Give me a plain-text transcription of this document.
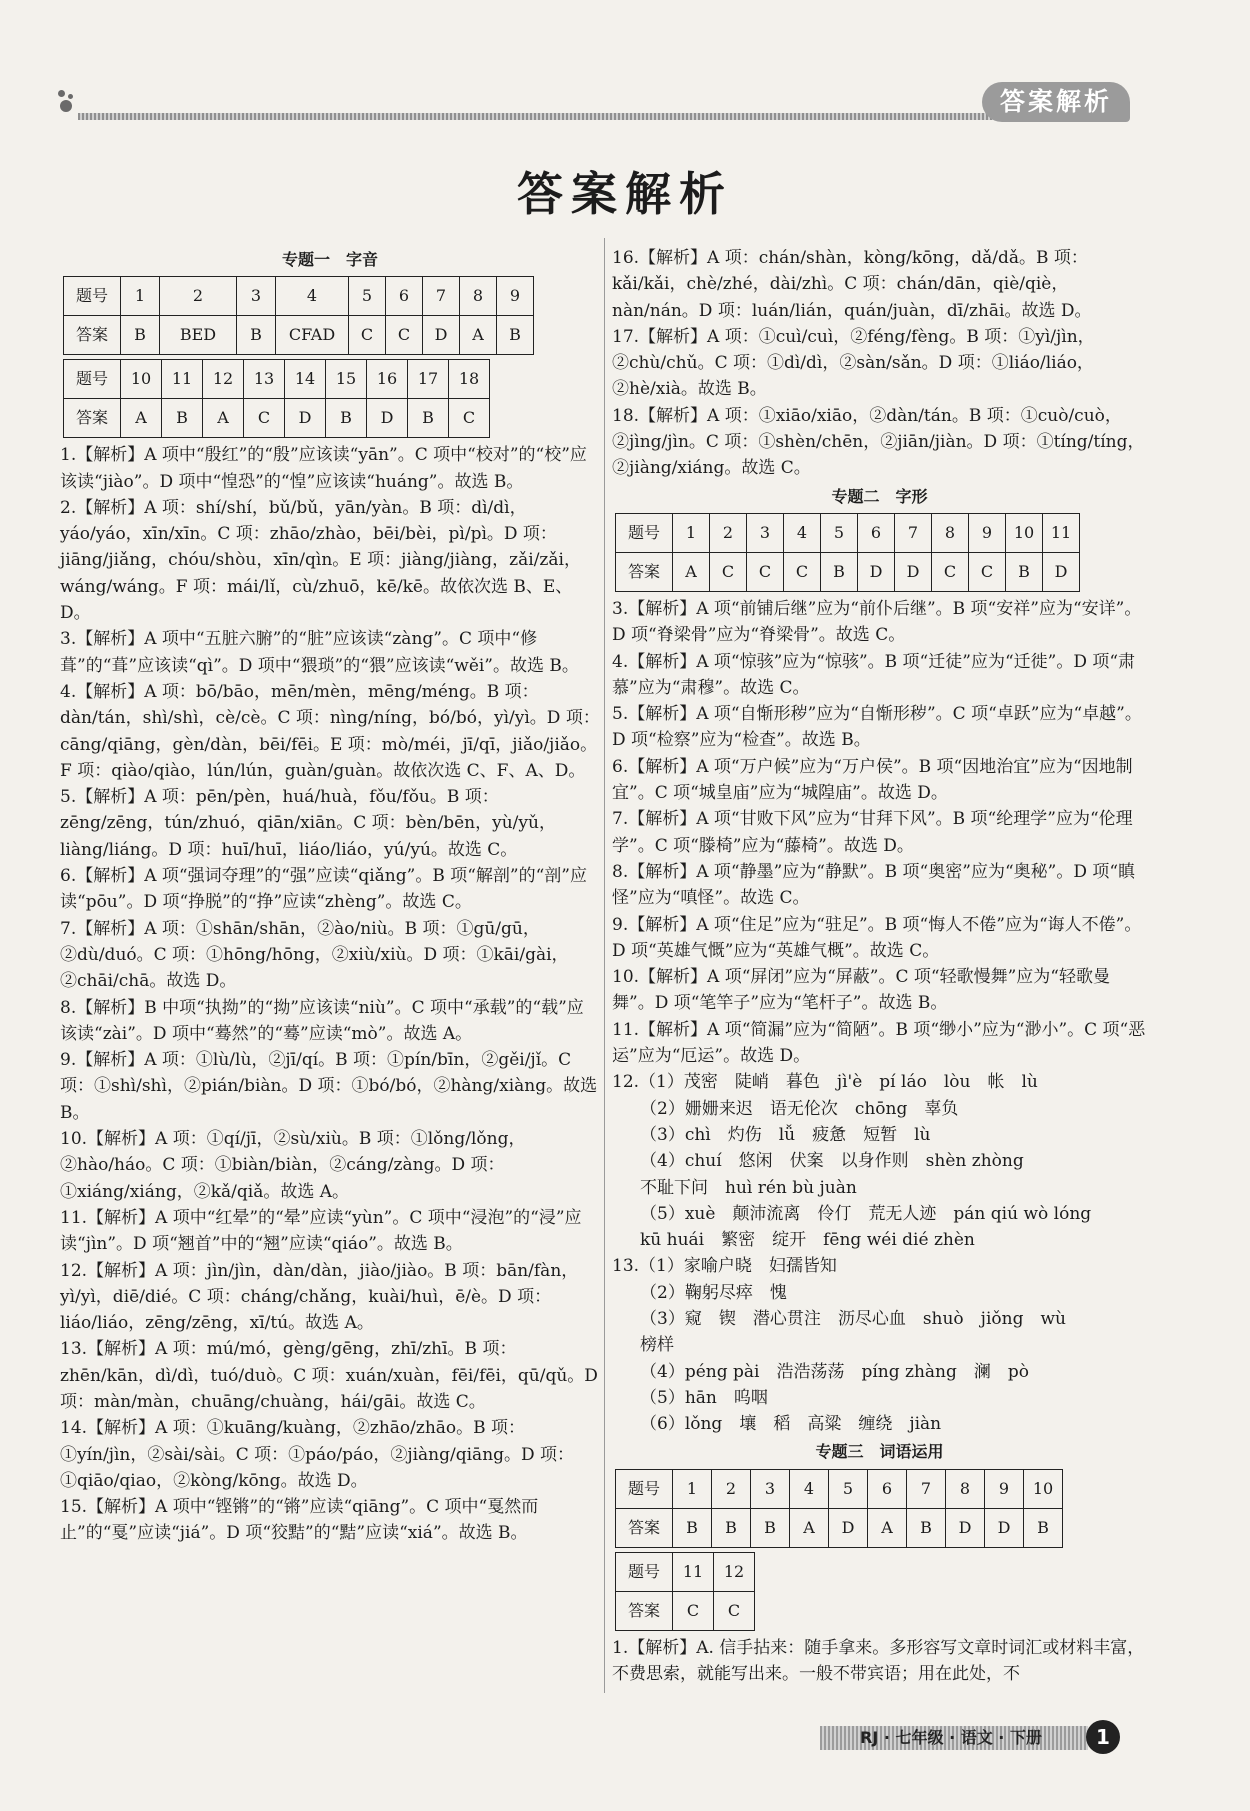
答案解析
答案解析
专题一　字音
题号	1	2	3	4	5	6	7	8	9
答案	B	BED	B	CFAD	C	C	D	A	B
题号	10	11	12	13	14	15	16	17	18
答案	A	B	A	C	D	B	D	B	C

1.【解析】A 项中“殷红”的“殷”应该读“yān”。C 项中“校对”的“校”应该读“jiào”。D 项中“惶恐”的“惶”应该读“huáng”。故选 B。

2.【解析】A 项：shí/shí，bǔ/bǔ，yān/yàn。B 项：dì/dì，yáo/yáo，xīn/xīn。C 项：zhāo/zhào，bēi/bèi，pì/pì。D 项：jiāng/jiǎng，chóu/shòu，xīn/qìn。E 项：jiàng/jiàng，zǎi/zǎi，wáng/wáng。F 项：mái/lǐ，cù/zhuō，kē/kē。故依次选 B、E、D。

3.【解析】A 项中“五脏六腑”的“脏”应该读“zàng”。C 项中“修葺”的“葺”应该读“qì”。D 项中“猥琐”的“猥”应该读“wěi”。故选 B。

4.【解析】A 项：bō/bāo，mēn/mèn，mēng/méng。B 项：dàn/tán，shì/shì，cè/cè。C 项：nìng/níng，bó/bó，yì/yì。D 项：cāng/qiāng，gèn/dàn，bēi/fēi。E 项：mò/méi，jī/qī，jiǎo/jiǎo。F 项：qiào/qiào，lún/lún，guàn/guàn。故依次选 C、F、A、D。

5.【解析】A 项：pēn/pèn，huá/huà，fǒu/fǒu。B 项：zēng/zēng，tún/zhuó，qiān/xiān。C 项：bèn/bēn，yù/yǔ，liàng/liáng。D 项：huī/huī，liáo/liáo，yú/yú。故选 C。

6.【解析】A 项“强词夺理”的“强”应读“qiǎng”。B 项“解剖”的“剖”应读“pōu”。D 项“挣脱”的“挣”应读“zhèng”。故选 C。

7.【解析】A 项：①shān/shān，②ào/niù。B 项：①gū/gū，②dù/duó。C 项：①hōng/hōng，②xiù/xiù。D 项：①kāi/gài，②chāi/chā。故选 D。

8.【解析】B 中项“执拗”的“拗”应该读“niù”。C 项中“承载”的“载”应该读“zài”。D 项中“蓦然”的“蓦”应读“mò”。故选 A。

9.【解析】A 项：①lù/lù，②jī/qí。B 项：①pín/bīn，②gěi/jǐ。C 项：①shì/shì，②pián/biàn。D 项：①bó/bó，②hàng/xiàng。故选 B。

10.【解析】A 项：①qí/jī，②sù/xiù。B 项：①lǒng/lǒng，②hào/háo。C 项：①biàn/biàn，②cáng/zàng。D 项：①xiáng/xiáng，②kǎ/qiǎ。故选 A。

11.【解析】A 项中“红晕”的“晕”应读“yùn”。C 项中“浸泡”的“浸”应读“jìn”。D 项“翘首”中的“翘”应读“qiáo”。故选 B。

12.【解析】A 项：jìn/jìn，dàn/dàn，jiào/jiào。B 项：bān/fàn，yì/yì，diē/dié。C 项：cháng/chǎng，kuài/huì，ē/è。D 项：liáo/liáo，zēng/zēng，xī/tú。故选 A。

13.【解析】A 项：mú/mó，gèng/gēng，zhī/zhī。B 项：zhēn/kān，dì/dì，tuó/duò。C 项：xuán/xuàn，fēi/fēi，qū/qǔ。D 项：màn/màn，chuāng/chuàng，hái/gāi。故选 C。

14.【解析】A 项：①kuāng/kuàng，②zhāo/zhāo。B 项：①yín/jìn，②sài/sài。C 项：①páo/páo，②jiàng/qiāng。D 项：①qiāo/qiao，②kòng/kōng。故选 D。

15.【解析】A 项中“铿锵”的“锵”应读“qiāng”。C 项中“戛然而止”的“戛”应读“jiá”。D 项“狡黠”的“黠”应读“xiá”。故选 B。

16.【解析】A 项：chán/shàn，kòng/kōng，dǎ/dǎ。B 项：kǎi/kǎi，chè/zhé，dài/zhì。C 项：chán/dān，qiè/qiè，nàn/nán。D 项：luán/lián，quán/juàn，dī/zhāi。故选 D。

17.【解析】A 项：①cuì/cuì，②féng/fèng。B 项：①yì/jìn，②chù/chǔ。C 项：①dì/dì，②sàn/sǎn。D 项：①liáo/liáo，②hè/xià。故选 B。

18.【解析】A 项：①xiāo/xiāo，②dàn/tán。B 项：①cuò/cuò，②jìng/jìn。C 项：①shèn/chēn，②jiān/jiàn。D 项：①tíng/tíng，②jiàng/xiáng。故选 C。

专题二　字形
题号	1	2	3	4	5	6	7	8	9	10	11
答案	A	C	C	C	B	D	D	C	C	B	D

3.【解析】A 项“前铺后继”应为“前仆后继”。B 项“安祥”应为“安详”。D 项“脊梁骨”应为“脊梁骨”。故选 C。

4.【解析】A 项“惊骇”应为“惊骇”。B 项“迁徒”应为“迁徙”。D 项“肃慕”应为“肃穆”。故选 C。

5.【解析】A 项“自惭形秽”应为“自惭形秽”。C 项“卓跃”应为“卓越”。D 项“检察”应为“检查”。故选 B。

6.【解析】A 项“万户候”应为“万户侯”。B 项“因地治宜”应为“因地制宜”。C 项“城皇庙”应为“城隍庙”。故选 D。

7.【解析】A 项“甘败下风”应为“甘拜下风”。B 项“纶理学”应为“伦理学”。C 项“滕椅”应为“藤椅”。故选 D。

8.【解析】A 项“静墨”应为“静默”。B 项“奥密”应为“奥秘”。D 项“瞋怪”应为“嗔怪”。故选 C。

9.【解析】A 项“住足”应为“驻足”。B 项“悔人不倦”应为“诲人不倦”。D 项“英雄气慨”应为“英雄气概”。故选 C。

10.【解析】A 项“屏闭”应为“屏蔽”。C 项“轻歌慢舞”应为“轻歌曼舞”。D 项“笔竿子”应为“笔杆子”。故选 B。

11.【解析】A 项“简漏”应为“简陋”。B 项“缈小”应为“渺小”。C 项“恶运”应为“厄运”。故选 D。

12.（1）茂密　陡峭　暮色　jì'è　pí láo　lòu　帐　lù

（2）姗姗来迟　语无伦次　chōng　辜负

（3）chì　灼伤　lǚ　疲惫　短暂　lù

（4）chuí　悠闲　伏案　以身作则　shèn zhòng

不耻下问　huì rén bù juàn

（5）xuè　颠沛流离　伶仃　荒无人迹　pán qiú wò lóng

kū huái　繁密　绽开　fēng wéi dié zhèn

13.（1）家喻户晓　妇孺皆知

（2）鞠躬尽瘁　愧

（3）窥　锲　潜心贯注　沥尽心血　shuò　jiǒng　wù

榜样

（4）péng pài　浩浩荡荡　píng zhàng　澜　pò

（5）hān　呜咽

（6）lǒng　壤　稻　高粱　缠绕　jiàn

专题三　词语运用
题号	1	2	3	4	5	6	7	8	9	10
答案	B	B	B	A	D	A	B	D	D	B
题号	11	12
答案	C	C

1.【解析】A. 信手拈来：随手拿来。多形容写文章时词汇或材料丰富，不费思索，就能写出来。一般不带宾语；用在此处，不

RJ · 七年级 · 语文 · 下册	1
